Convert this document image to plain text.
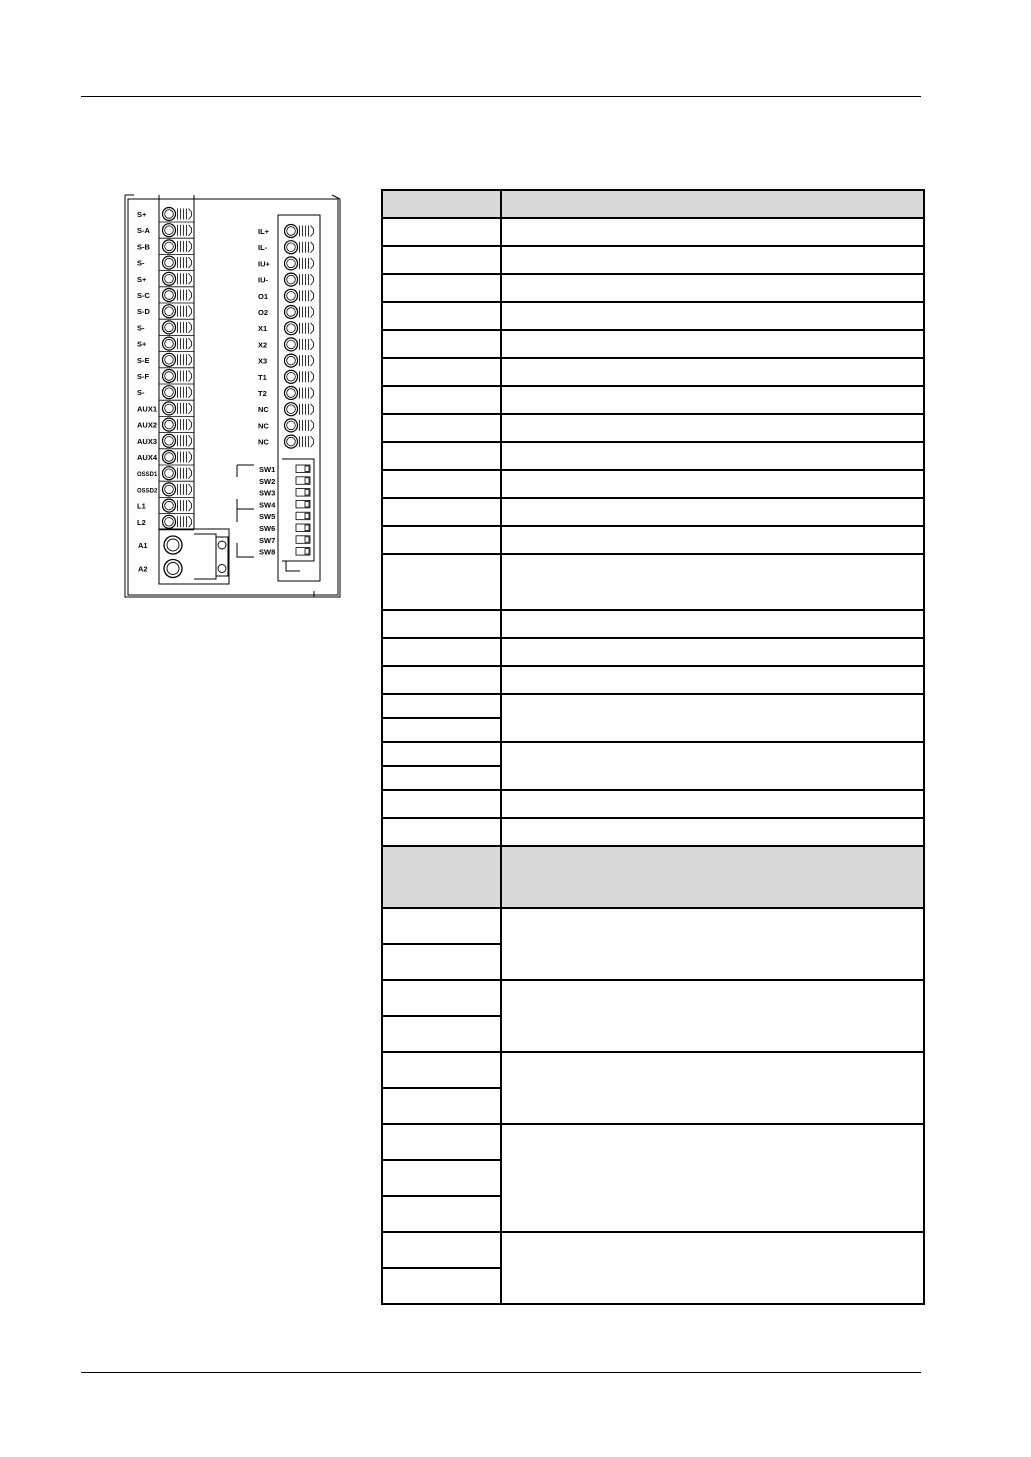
S+
S-A
S-B
S-
S+
S-C
S-D
S-
S+
S-E
S-F
S-
AUX1
AUX2
AUX3
AUX4
OSSD1
OSSD2
L1
L2
A1
A2
IL+
IL-
IU+
IU-
O1
O2
X1
X2
X3
T1
T2
NC
NC
NC
SW1
SW2
SW3
SW4
SW5
SW6
SW7
SW8
